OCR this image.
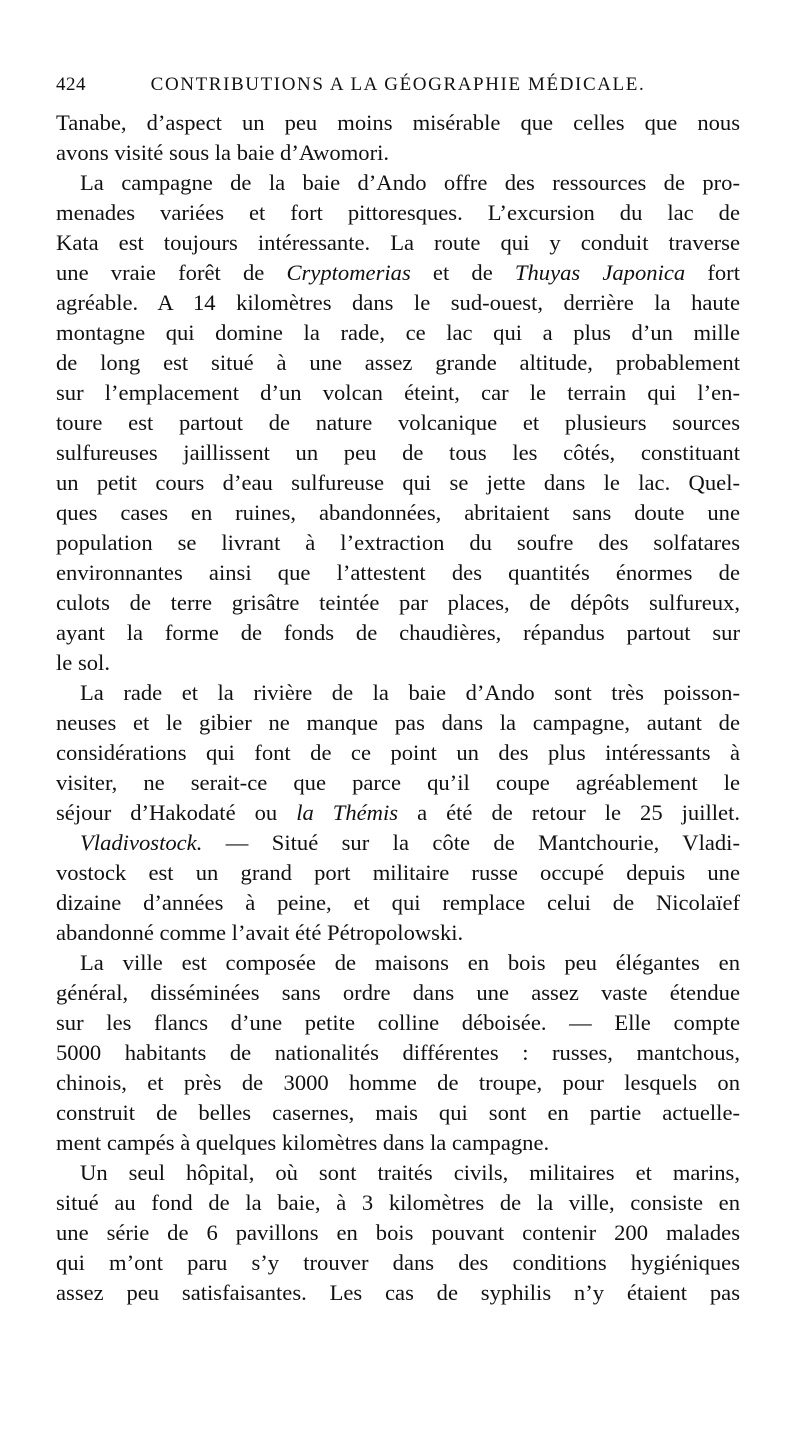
424	CONTRIBUTIONS A LA GÉOGRAPHIE MÉDICALE.
Tanabe, d’aspect un peu moins misérable que celles que nous
avons visité sous la baie d’Awomori.
La campagne de la baie d’Ando offre des ressources de pro-
menades variées et fort pittoresques. L’excursion du lac de
Kata est toujours intéressante. La route qui y conduit traverse
une vraie forêt de Cryptomerias et de Thuyas Japonica fort
agréable. A 14 kilomètres dans le sud-ouest, derrière la haute
montagne qui domine la rade, ce lac qui a plus d’un mille
de long est situé à une assez grande altitude, probablement
sur l’emplacement d’un volcan éteint, car le terrain qui l’en-
toure est partout de nature volcanique et plusieurs sources
sulfureuses jaillissent un peu de tous les côtés, constituant
un petit cours d’eau sulfureuse qui se jette dans le lac. Quel-
ques cases en ruines, abandonnées, abritaient sans doute une
population se livrant à l’extraction du soufre des solfatares
environnantes ainsi que l’attestent des quantités énormes de
culots de terre grisâtre teintée par places, de dépôts sulfureux,
ayant la forme de fonds de chaudières, répandus partout sur
le sol.
La rade et la rivière de la baie d’Ando sont très poisson-
neuses et le gibier ne manque pas dans la campagne, autant de
considérations qui font de ce point un des plus intéressants à
visiter, ne serait-ce que parce qu’il coupe agréablement le
séjour d’Hakodaté ou la Thémis a été de retour le 25 juillet.
Vladivostock. — Situé sur la côte de Mantchourie, Vladi-
vostock est un grand port militaire russe occupé depuis une
dizaine d’années à peine, et qui remplace celui de Nicolaïef
abandonné comme l’avait été Pétropolowski.
La ville est composée de maisons en bois peu élégantes en
général, disséminées sans ordre dans une assez vaste étendue
sur les flancs d’une petite colline déboisée. — Elle compte
5000 habitants de nationalités différentes : russes, mantchous,
chinois, et près de 3000 homme de troupe, pour lesquels on
construit de belles casernes, mais qui sont en partie actuelle-
ment campés à quelques kilomètres dans la campagne.
Un seul hôpital, où sont traités civils, militaires et marins,
situé au fond de la baie, à 3 kilomètres de la ville, consiste en
une série de 6 pavillons en bois pouvant contenir 200 malades
qui m’ont paru s’y trouver dans des conditions hygiéniques
assez peu satisfaisantes. Les cas de syphilis n’y étaient pas
